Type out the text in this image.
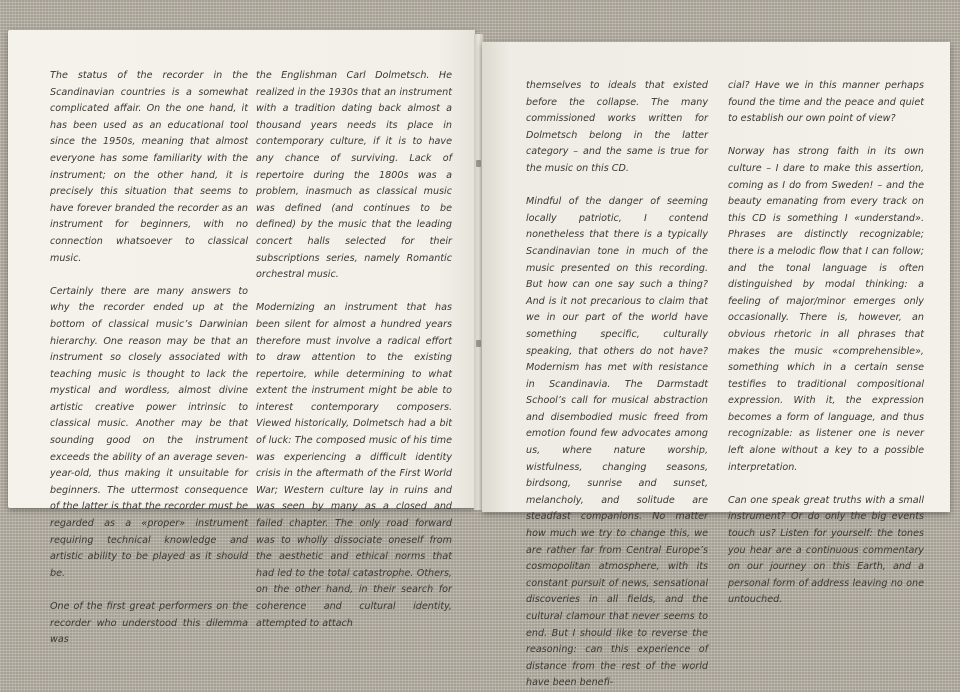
The status of the recorder in the Scandinavian countries is a somewhat complicated affair. On the one hand, it has been used as an educational tool since the 1950s, meaning that almost everyone has some familiarity with the instrument; on the other hand, it is precisely this situation that seems to have forever branded the recorder as an instrument for beginners, with no connection whatsoever to classical music.

Certainly there are many answers to why the recorder ended up at the bottom of classical music’s Darwinian hierarchy. One reason may be that an instrument so closely associated with teaching music is thought to lack the mystical and wordless, almost divine artistic creative power intrinsic to classical music. Another may be that sounding good on the instrument exceeds the ability of an average seven-year-old, thus making it unsuitable for beginners. The uttermost consequence of the latter is that the recorder must be regarded as a «proper» instrument requiring technical knowledge and artistic ability to be played as it should be.

One of the first great performers on the recorder who understood this dilemma was

the Englishman Carl Dolmetsch. He realized in the 1930s that an instrument with a tradition dating back almost a thousand years needs its place in contemporary culture, if it is to have any chance of surviving. Lack of repertoire during the 1800s was a problem, inasmuch as classical music was defined (and continues to be defined) by the music that the leading concert halls selected for their subscriptions series, namely Romantic orchestral music.

Modernizing an instrument that has been silent for almost a hundred years therefore must involve a radical effort to draw attention to the existing repertoire, while determining to what extent the instrument might be able to interest contemporary composers. Viewed historically, Dolmetsch had a bit of luck: The composed music of his time was experiencing a difficult identity crisis in the aftermath of the First World War; Western culture lay in ruins and was seen by many as a closed and failed chapter. The only road forward was to wholly dissociate oneself from the aesthetic and ethical norms that had led to the total catastrophe. Others, on the other hand, in their search for coherence and cultural identity, attempted to attach

themselves to ideals that existed before the collapse. The many commissioned works written for Dolmetsch belong in the latter category – and the same is true for the music on this CD.

Mindful of the danger of seeming locally patriotic, I contend nonetheless that there is a typically Scandinavian tone in much of the music presented on this recording. But how can one say such a thing? And is it not precarious to claim that we in our part of the world have something specific, culturally speaking, that others do not have? Modernism has met with resistance in Scandinavia. The Darmstadt School’s call for musical abstraction and disembodied music freed from emotion found few advocates among us, where nature worship, wistfulness, changing seasons, birdsong, sunrise and sunset, melancholy, and solitude are steadfast companions. No matter how much we try to change this, we are rather far from Central Europe’s cosmopolitan atmosphere, with its constant pursuit of news, sensational discoveries in all fields, and the cultural clamour that never seems to end. But I should like to reverse the reasoning: can this experience of distance from the rest of the world have been benefi-

cial? Have we in this manner perhaps found the time and the peace and quiet to establish our own point of view?

Norway has strong faith in its own culture – I dare to make this assertion, coming as I do from Sweden! – and the beauty emanating from every track on this CD is something I «understand». Phrases are distinctly recognizable; there is a melodic flow that I can follow; and the tonal language is often distinguished by modal thinking: a feeling of major/minor emerges only occasionally. There is, however, an obvious rhetoric in all phrases that makes the music «comprehensible», something which in a certain sense testifies to traditional compositional expression. With it, the expression becomes a form of language, and thus recognizable: as listener one is never left alone without a key to a possible interpretation.

Can one speak great truths with a small instrument? Or do only the big events touch us? Listen for yourself: the tones you hear are a continuous commentary on our journey on this Earth, and a personal form of address leaving no one untouched.
